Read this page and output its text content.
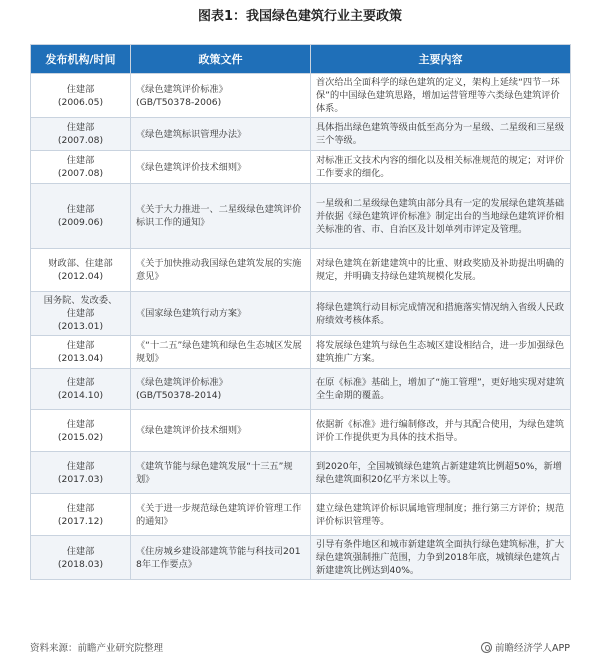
图表1：我国绿色建筑行业主要政策
发布机构/时间	政策文件	主要内容

住建部
(2006.05)	《绿色建筑评价标准》
(GB/T50378-2006)	首次给出全面科学的绿色建筑的定义，架构上延续“四节一环保”的中国绿色建筑思路，增加运营管理等六类绿色建筑评价体系。

住建部
(2007.08)	《绿色建筑标识管理办法》	具体指出绿色建筑等级由低至高分为一星级、二星级和三星级三个等级。

住建部
(2007.08)	《绿色建筑评价技术细则》	对标准正文技术内容的细化以及相关标准规范的规定；对评价工作要求的细化。

住建部
(2009.06)	《关于大力推进一、二星级绿色建筑评价标识工作的通知》	一星级和二星级绿色建筑由部分具有一定的发展绿色建筑基础并依据《绿色建筑评价标准》制定出台的当地绿色建筑评价相关标准的省、市、自治区及计划单列市评定及管理。

财政部、住建部
(2012.04)	《关于加快推动我国绿色建筑发展的实施意见》	对绿色建筑在新建建筑中的比重、财政奖励及补助提出明确的规定，并明确支持绿色建筑规模化发展。

国务院、发改委、
住建部
(2013.01)	《国家绿色建筑行动方案》	将绿色建筑行动目标完成情况和措施落实情况纳入省级人民政府绩效考核体系。

住建部
(2013.04)	《“十二五”绿色建筑和绿色生态城区发展规划》	将发展绿色建筑与绿色生态城区建设相结合，进一步加强绿色建筑推广方案。

住建部
(2014.10)	《绿色建筑评价标准》
(GB/T50378-2014)	在原《标准》基础上，增加了“施工管理”，更好地实现对建筑全生命期的覆盖。

住建部
(2015.02)	《绿色建筑评价技术细则》	依据新《标准》进行编制修改，并与其配合使用，为绿色建筑评价工作提供更为具体的技术指导。

住建部
(2017.03)	《建筑节能与绿色建筑发展“十三五”规划》	到2020年，全国城镇绿色建筑占新建建筑比例超50%，新增绿色建筑面积20亿平方米以上等。

住建部
(2017.12)	《关于进一步规范绿色建筑评价管理工作的通知》	建立绿色建筑评价标识属地管理制度；推行第三方评价；规范评价标识管理等。

住建部
(2018.03)	《住房城乡建设部建筑节能与科技司2018年工作要点》	引导有条件地区和城市新建建筑全面执行绿色建筑标准，扩大绿色建筑强制推广范围，力争到2018年底，城镇绿色建筑占新建建筑比例达到40%。
资料来源：前瞻产业研究院整理	前瞻经济学人APP
